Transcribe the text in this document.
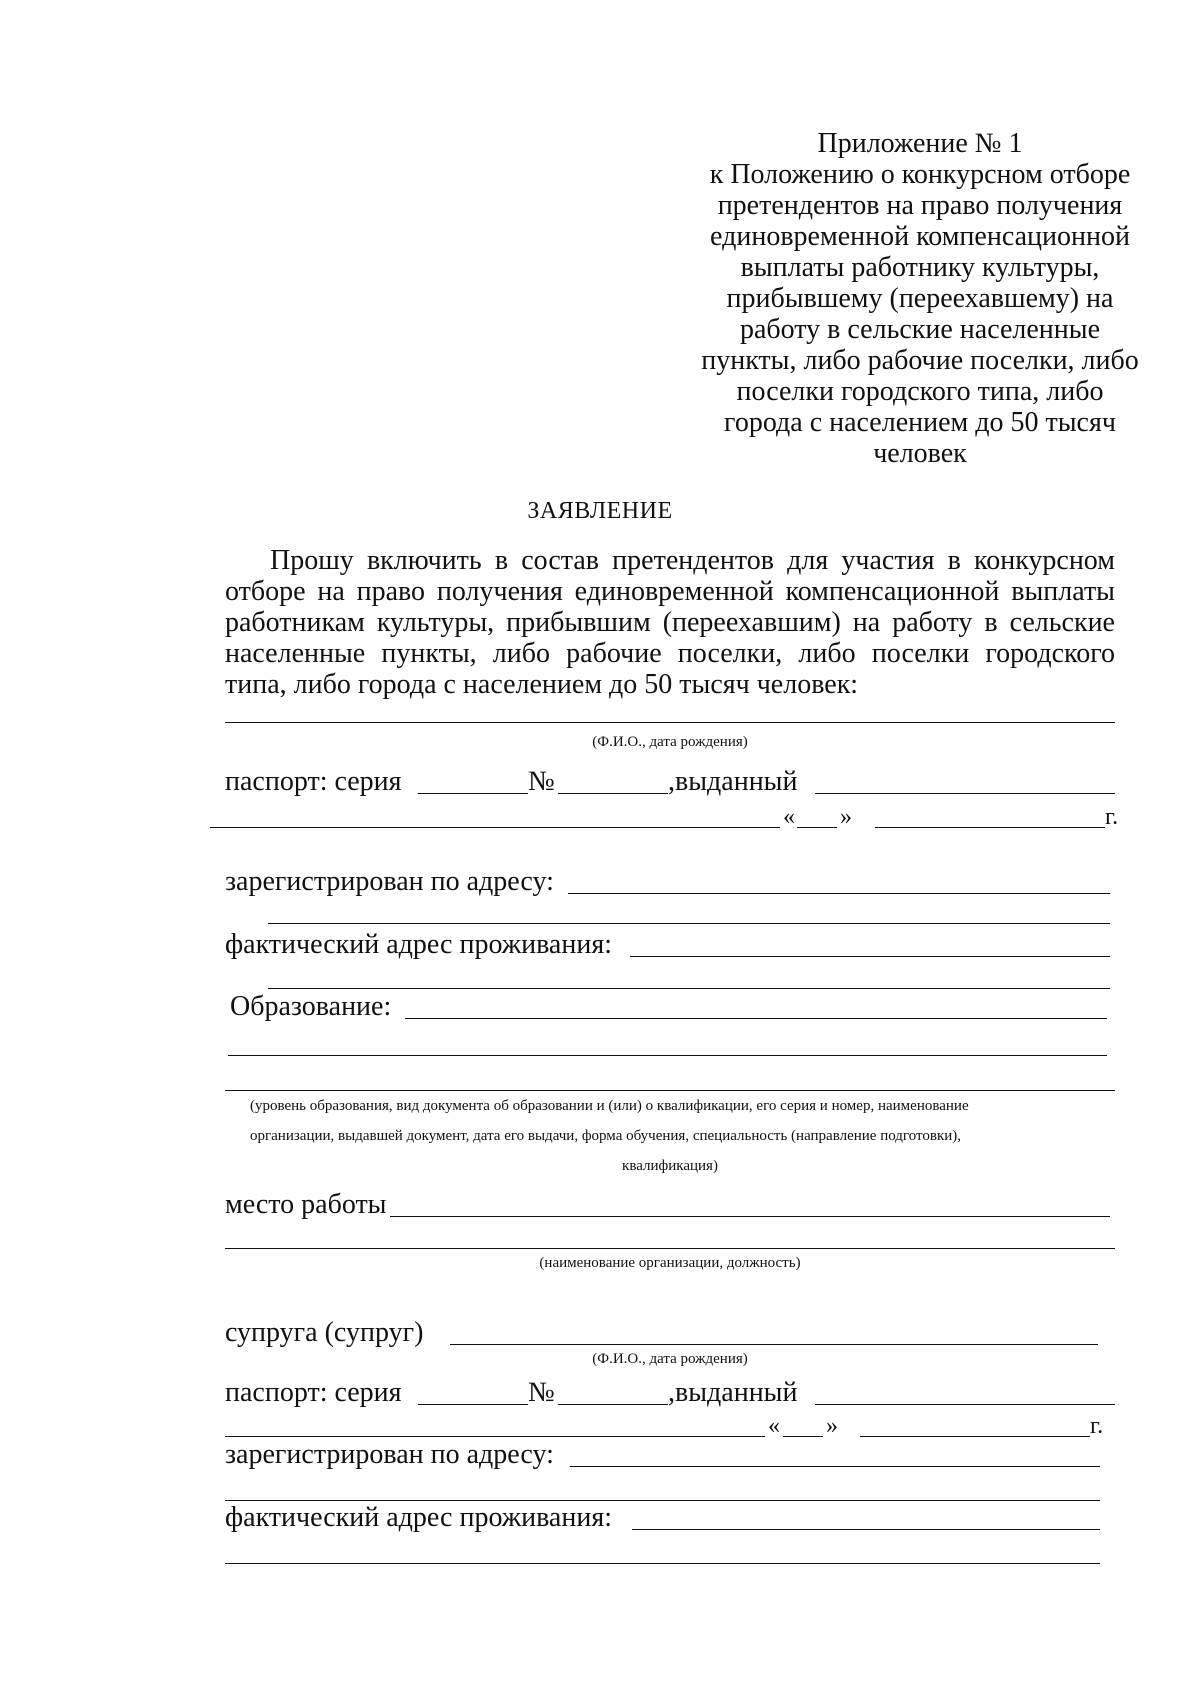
Приложение № 1
к Положению о конкурсном отборе
претендентов на право получения
единовременной компенсационной
выплаты работнику культуры,
прибывшему (переехавшему) на
работу в сельские населенные
пункты, либо рабочие поселки, либо
поселки городского типа, либо
города с населением до 50 тысяч
человек
ЗАЯВЛЕНИЕ
Прошу включить в состав претендентов для участия в конкурсном
отборе на право получения единовременной компенсационной выплаты
работникам культуры, прибывшим (переехавшим) на работу в сельские
населенные пункты, либо рабочие поселки, либо поселки городского
типа, либо города с населением до 50 тысяч человек:
(Ф.И.О., дата рождения)
паспорт: серия	№	,выданный
« »	г.
зарегистрирован по адресу:
фактический адрес проживания:
Образование:
(уровень образования, вид документа об образовании и (или) о квалификации, его серия и номер, наименование
организации, выдавшей документ, дата его выдачи, форма обучения, специальность (направление подготовки),
квалификация)
место работы
(наименование организации, должность)
супруга (супруг)
(Ф.И.О., дата рождения)
паспорт: серия	№	,выданный
« »	г.
зарегистрирован по адресу:
фактический адрес проживания:
